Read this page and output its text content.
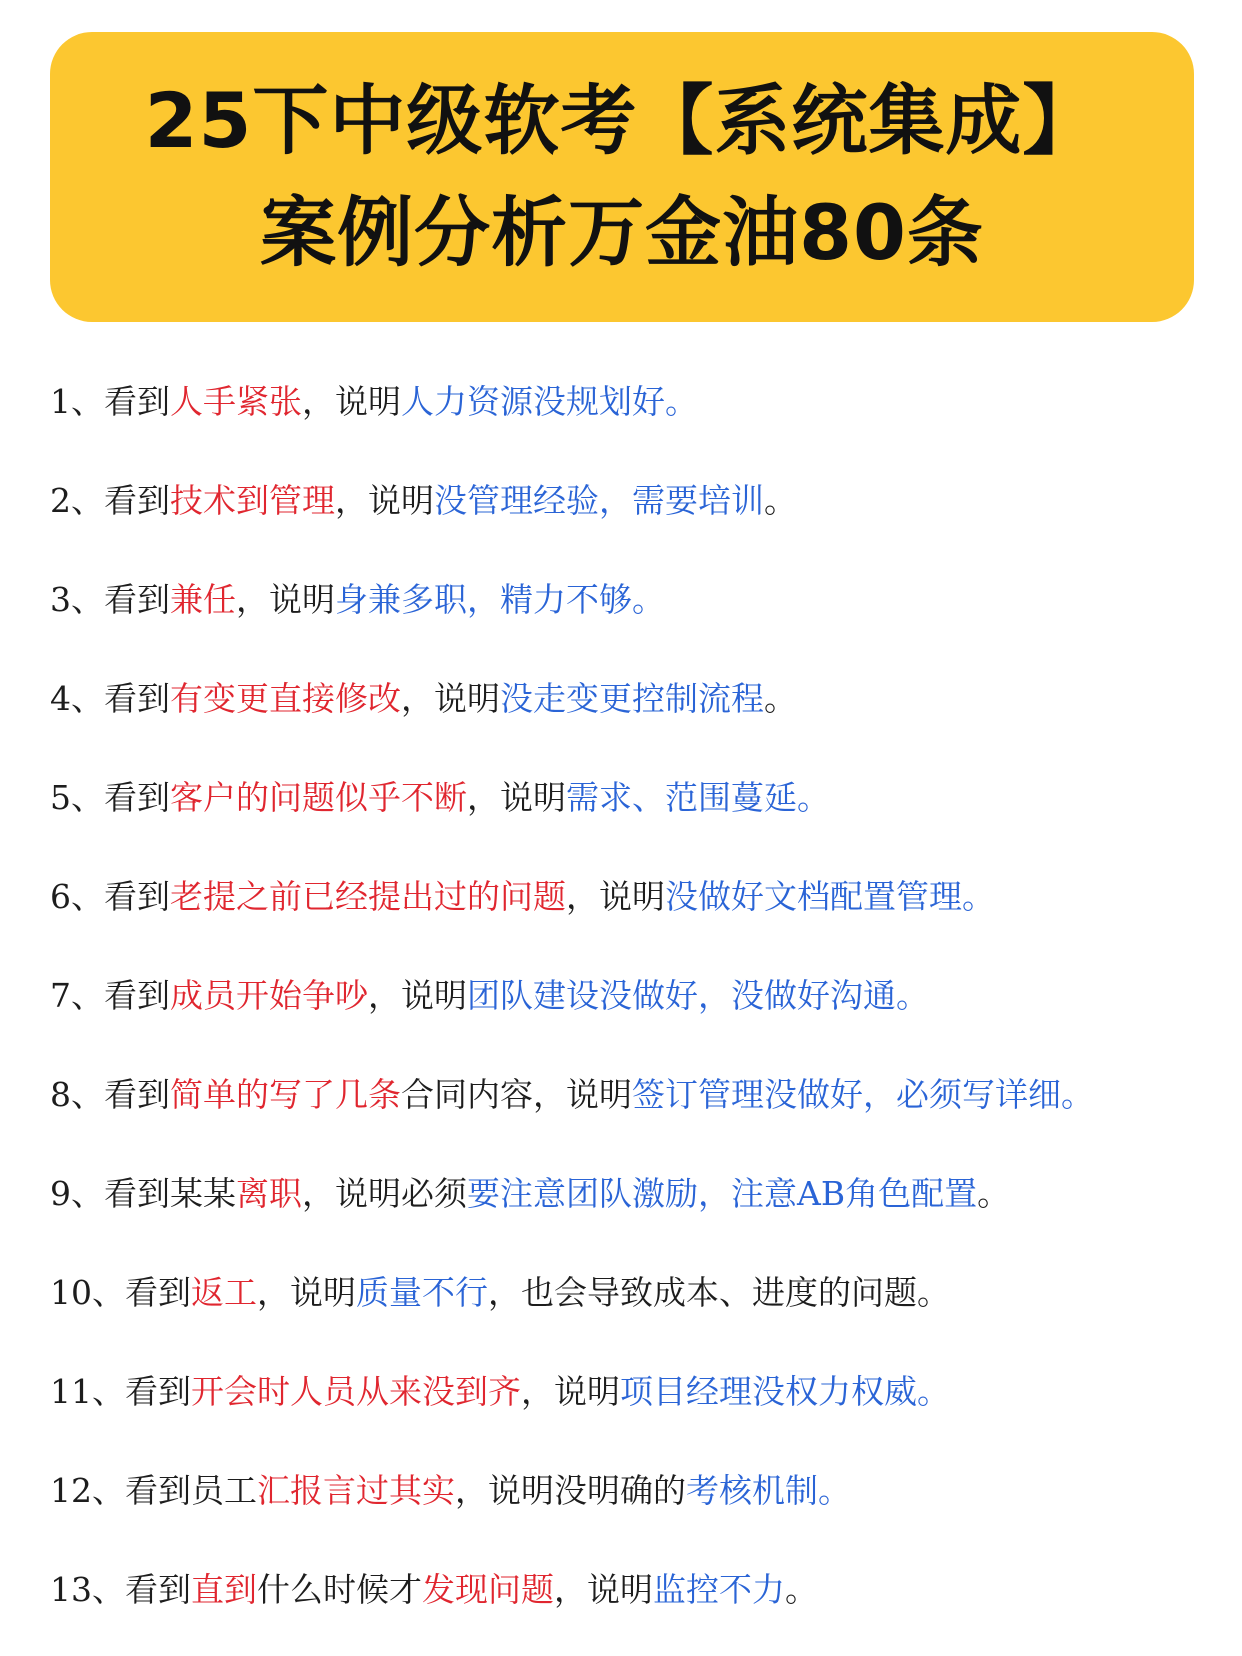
25下中级软考【系统集成】
案例分析万金油80条
1、看到人手紧张，说明人力资源没规划好。
2、看到技术到管理，说明没管理经验，需要培训。
3、看到兼任，说明身兼多职，精力不够。
4、看到有变更直接修改，说明没走变更控制流程。
5、看到客户的问题似乎不断，说明需求、范围蔓延。
6、看到老提之前已经提出过的问题，说明没做好文档配置管理。
7、看到成员开始争吵，说明团队建设没做好，没做好沟通。
8、看到简单的写了几条合同内容，说明签订管理没做好，必须写详细。
9、看到某某离职，说明必须要注意团队激励，注意AB角色配置。
10、看到返工，说明质量不行，也会导致成本、进度的问题。
11、看到开会时人员从来没到齐，说明项目经理没权力权威。
12、看到员工汇报言过其实，说明没明确的考核机制。
13、看到直到什么时候才发现问题，说明监控不力。
